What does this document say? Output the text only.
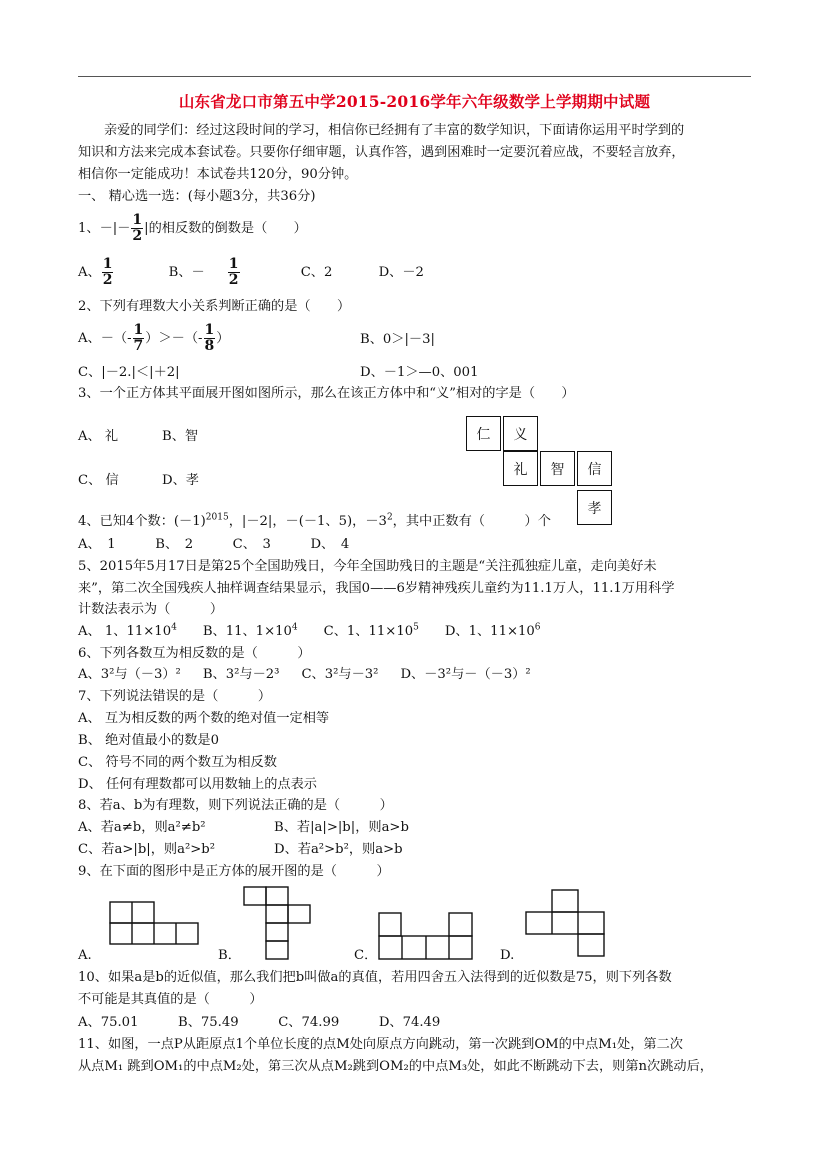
山东省龙口市第五中学2015-2016学年六年级数学上学期期中试题
亲爱的同学们：经过这段时间的学习，相信你已经拥有了丰富的数学知识，下面请你运用平时学到的
知识和方法来完成本套试卷。只要你仔细审题，认真作答，遇到困难时一定要沉着应战，不要轻言放弃，
相信你一定能成功！本试卷共120分，90分钟。
一、 精心选一选：(每小题3分，共36分)
1、－|－ $\frac{1}{2}$ |的相反数的倒数是（　　）
A、 $\frac{1}{2}$	B、－ $\frac{1}{2}$	C、2	D、－2
2、下列有理数大小关系判断正确的是（　　）
A、－（- $\frac{1}{7}$ ）＞－（- $\frac{1}{8}$ ）	B、0＞|－3|
C、|－2.|＜|＋2|	D、－1＞—0、001
3、一个正方体其平面展开图如图所示，那么在该正方体中和“义”相对的字是（　　）
A、 礼	B、智
C、 信	D、孝
仁	义
礼	智	信
孝
4、已知4个数：$(-1)^{2015}$，|－2|，－(－1、5)，$-3^2$，其中正数有（　　　）个
A、　1　　　B、　2　　　C、　3　　　D、　4
5、2015年5月17日是第25个全国助残日，今年全国助残日的主题是“关注孤独症儿童，走向美好未
来”，第二次全国残疾人抽样调查结果显示，我国0——6岁精神残疾儿童约为11.1万人，11.1万用科学
计数法表示为（　　　）
A、 1、$11\times 10^4$ B、11、$1\times 10^4$ C、1、$11\times 10^5$ D、1、$11\times 10^6$
6、下列各数互为相反数的是（　　　）
A、3²与（－3）² B、3²与－2³ C、3²与－3² D、－3²与－（－3）²
7、下列说法错误的是（　　　）
A、 互为相反数的两个数的绝对值一定相等
B、 绝对值最小的数是0
C、 符号不同的两个数互为相反数
D、 任何有理数都可以用数轴上的点表示
8、若a、b为有理数，则下列说法正确的是（　　　）
A、若a≠b，则a²≠b²	B、若|a|>|b|，则a>b
C、若a>|b|，则a²>b²	D、若a²>b²，则a>b
9、在下面的图形中是正方体的展开图的是（　　　）
A.	B．	C．	D.
10、如果a是b的近似值，那么我们把b叫做a的真值，若用四舍五入法得到的近似数是75，则下列各数
不可能是其真值的是（　　　）
A、75.01　　　B、75.49　　　C、74.99　　　D、74.49
11、如图，一点P从距原点1个单位长度的点M处向原点方向跳动，第一次跳到OM的中点M₁处，第二次
从点M₁ 跳到OM₁的中点M₂处，第三次从点M₂跳到OM₂的中点M₃处，如此不断跳动下去，则第n次跳动后，
